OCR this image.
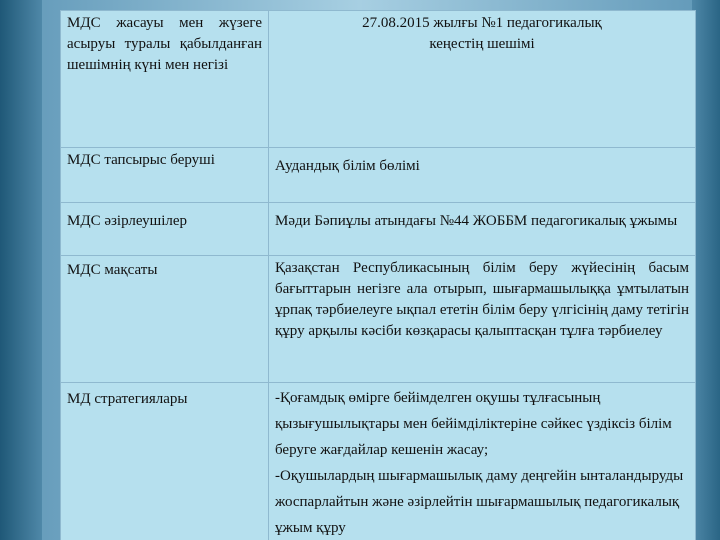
МДС жасауы мен жүзеге асыруы туралы қабылданған шешімнің күні мен негізі	27.08.2015 жылғы №1 педагогикалық
кеңестің шешімі

МДС тапсырыс беруші	Аудандық білім бөлімі
МДС әзірлеушілер	Мәди Бәпиұлы атындағы №44 ЖОББМ педагогикалық ұжымы
МДС мақсаты	Қазақстан Республикасының білім беру жүйесінің басым бағыттарын негізге ала отырып, шығармашылыққа ұмтылатын ұрпақ тәрбиелеуге ықпал ететін білім беру үлгісінің даму тетігін құру арқылы кәсіби көзқарасы қалыптасқан тұлға тәрбиелеу
МД стратегиялары	-Қоғамдық өмірге бейімделген оқушы тұлғасының қызығушылықтары мен бейімділіктеріне сәйкес үздіксіз білім беруге жағдайлар кешенін жасау;
-Оқушылардың шығармашылық даму деңгейін ынталандыруды жоспарлайтын және әзірлейтін шығармашылық педагогикалық ұжым құру
